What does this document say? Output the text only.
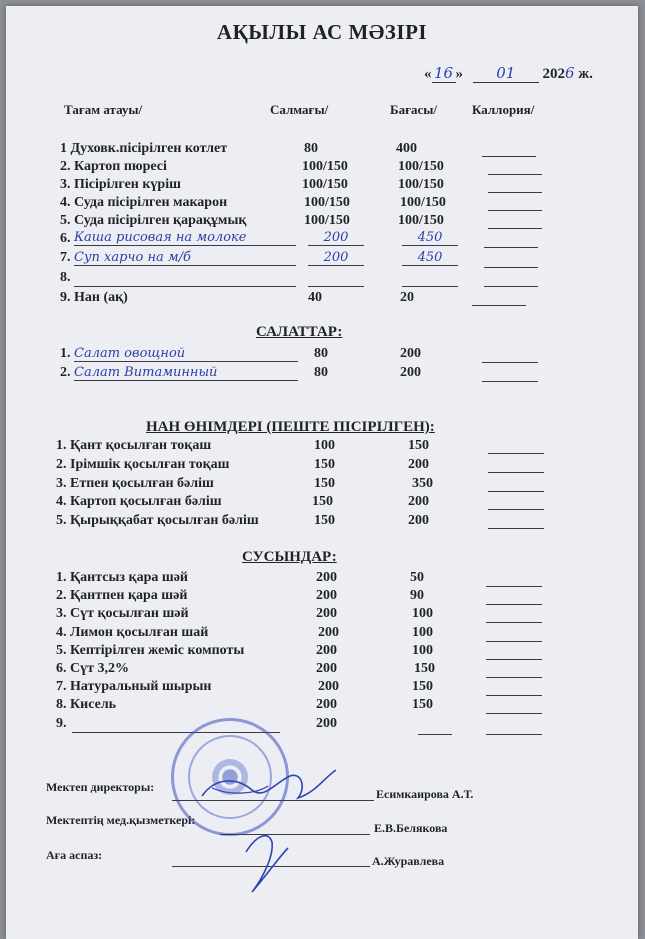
АҚЫЛЫ АС МӘЗІРІ
« 16 » 01 2026 ж.
Тағам атауы/	Салмағы/	Бағасы/	Каллория/
1 Духовк.пісірілген котлет	80	400
2. Картоп пюресі	100/150	100/150
3. Пісірілген күріш	100/150	100/150
4. Суда пісірілген макарон	100/150	100/150
5. Суда пісірілген қарақұмық	100/150	100/150
6. Каша рисовая на молоке	200	450
7. Суп харчо на м/б	200	450
8.
9. Нан (ақ)	40	20
САЛАТТАР:
1. Салат овощной	80	200
2. Салат Витаминный	80	200
НАН ӨНІМДЕРІ (ПЕШТЕ ПІСІРІЛГЕН):
1. Қант қосылған тоқаш	100	150
2. Ірімшік қосылған тоқаш	150	200
3. Етпен қосылған бәліш	150	350
4. Картоп қосылған бәліш	150	200
5. Қырыққабат қосылған бәліш	150	200
СУСЫНДАР:
1. Қантсыз қара шәй	200	50
2. Қантпен қара шәй	200	90
3. Сүт қосылған шәй	200	100
4. Лимон қосылған шай	200	100
5. Кептірілген жеміс компоты	200	100
6. Сүт 3,2%	200	150
7. Натуральный шырын	200	150
8. Кисель	200	150
9.	200
Мектеп директоры:	Есимкаирова А.Т.
Мектептің мед.қызметкері:
Е.В.Белякова
Аға аспаз:	А.Журавлева
